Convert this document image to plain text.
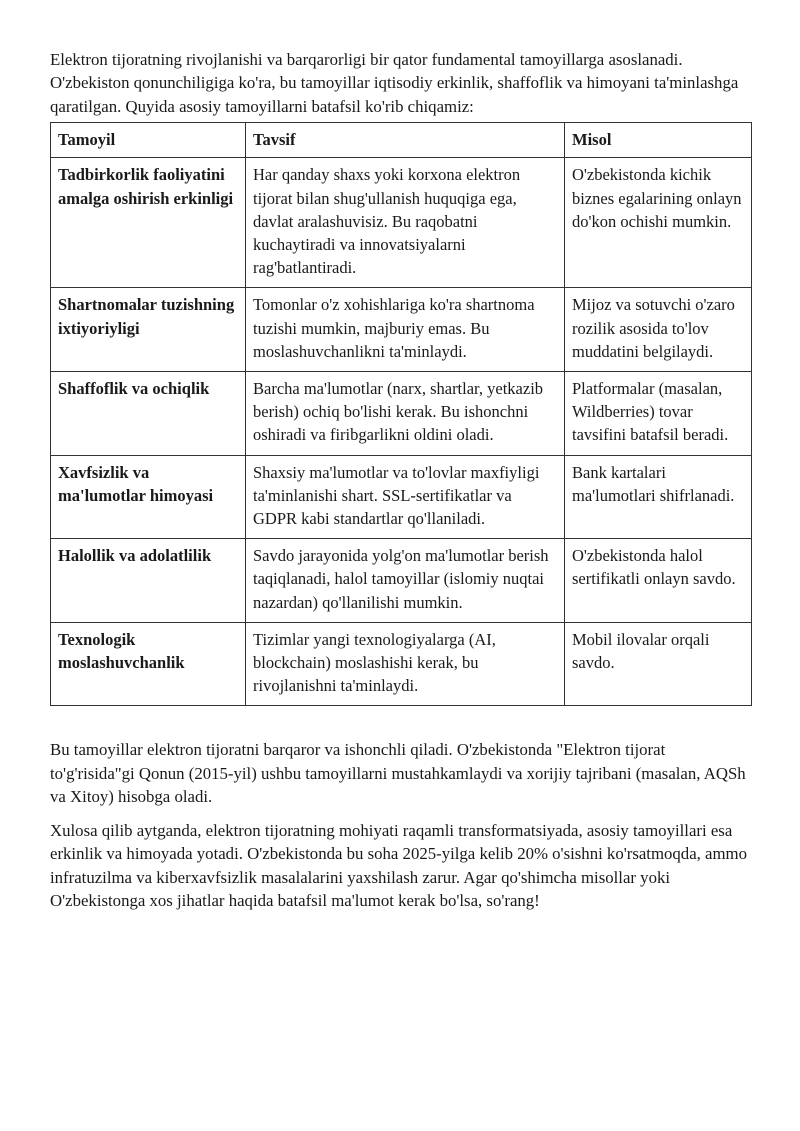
Elektron tijoratning rivojlanishi va barqarorligi bir qator fundamental tamoyillarga asoslanadi. O'zbekiston qonunchiligiga ko'ra, bu tamoyillar iqtisodiy erkinlik, shaffoflik va himoyani ta'minlashga qaratilgan. Quyida asosiy tamoyillarni batafsil ko'rib chiqamiz:

Tamoyil	Tavsif	Misol
Tadbirkorlik faoliyatini amalga oshirish erkinligi	Har qanday shaxs yoki korxona elektron tijorat bilan shug'ullanish huquqiga ega, davlat aralashuvisiz. Bu raqobatni kuchaytiradi va innovatsiyalarni rag'batlantiradi.	O'zbekistonda kichik biznes egalarining onlayn do'kon ochishi mumkin.
Shartnomalar tuzishning ixtiyoriyligi	Tomonlar o'z xohishlariga ko'ra shartnoma tuzishi mumkin, majburiy emas. Bu moslashuvchanlikni ta'minlaydi.	Mijoz va sotuvchi o'zaro rozilik asosida to'lov muddatini belgilaydi.
Shaffoflik va ochiqlik	Barcha ma'lumotlar (narx, shartlar, yetkazib berish) ochiq bo'lishi kerak. Bu ishonchni oshiradi va firibgarlikni oldini oladi.	Platformalar (masalan, Wildberries) tovar tavsifini batafsil beradi.
Xavfsizlik va ma'lumotlar himoyasi	Shaxsiy ma'lumotlar va to'lovlar maxfiyligi ta'minlanishi shart. SSL-sertifikatlar va GDPR kabi standartlar qo'llaniladi.	Bank kartalari ma'lumotlari shifrlanadi.
Halollik va adolatlilik	Savdo jarayonida yolg'on ma'lumotlar berish taqiqlanadi, halol tamoyillar (islomiy nuqtai nazardan) qo'llanilishi mumkin.	O'zbekistonda halol sertifikatli onlayn savdo.
Texnologik moslashuvchanlik	Tizimlar yangi texnologiyalarga (AI, blockchain) moslashishi kerak, bu rivojlanishni ta'minlaydi.	Mobil ilovalar orqali savdo.

Bu tamoyillar elektron tijoratni barqaror va ishonchli qiladi. O'zbekistonda "Elektron tijorat to'g'risida"gi Qonun (2015-yil) ushbu tamoyillarni mustahkamlaydi va xorijiy tajribani (masalan, AQSh va Xitoy) hisobga oladi.

Xulosa qilib aytganda, elektron tijoratning mohiyati raqamli transformatsiyada, asosiy tamoyillari esa erkinlik va himoyada yotadi. O'zbekistonda bu soha 2025-yilga kelib 20% o'sishni ko'rsatmoqda, ammo infratuzilma va kiberxavfsizlik masalalarini yaxshilash zarur. Agar qo'shimcha misollar yoki O'zbekistonga xos jihatlar haqida batafsil ma'lumot kerak bo'lsa, so'rang!
